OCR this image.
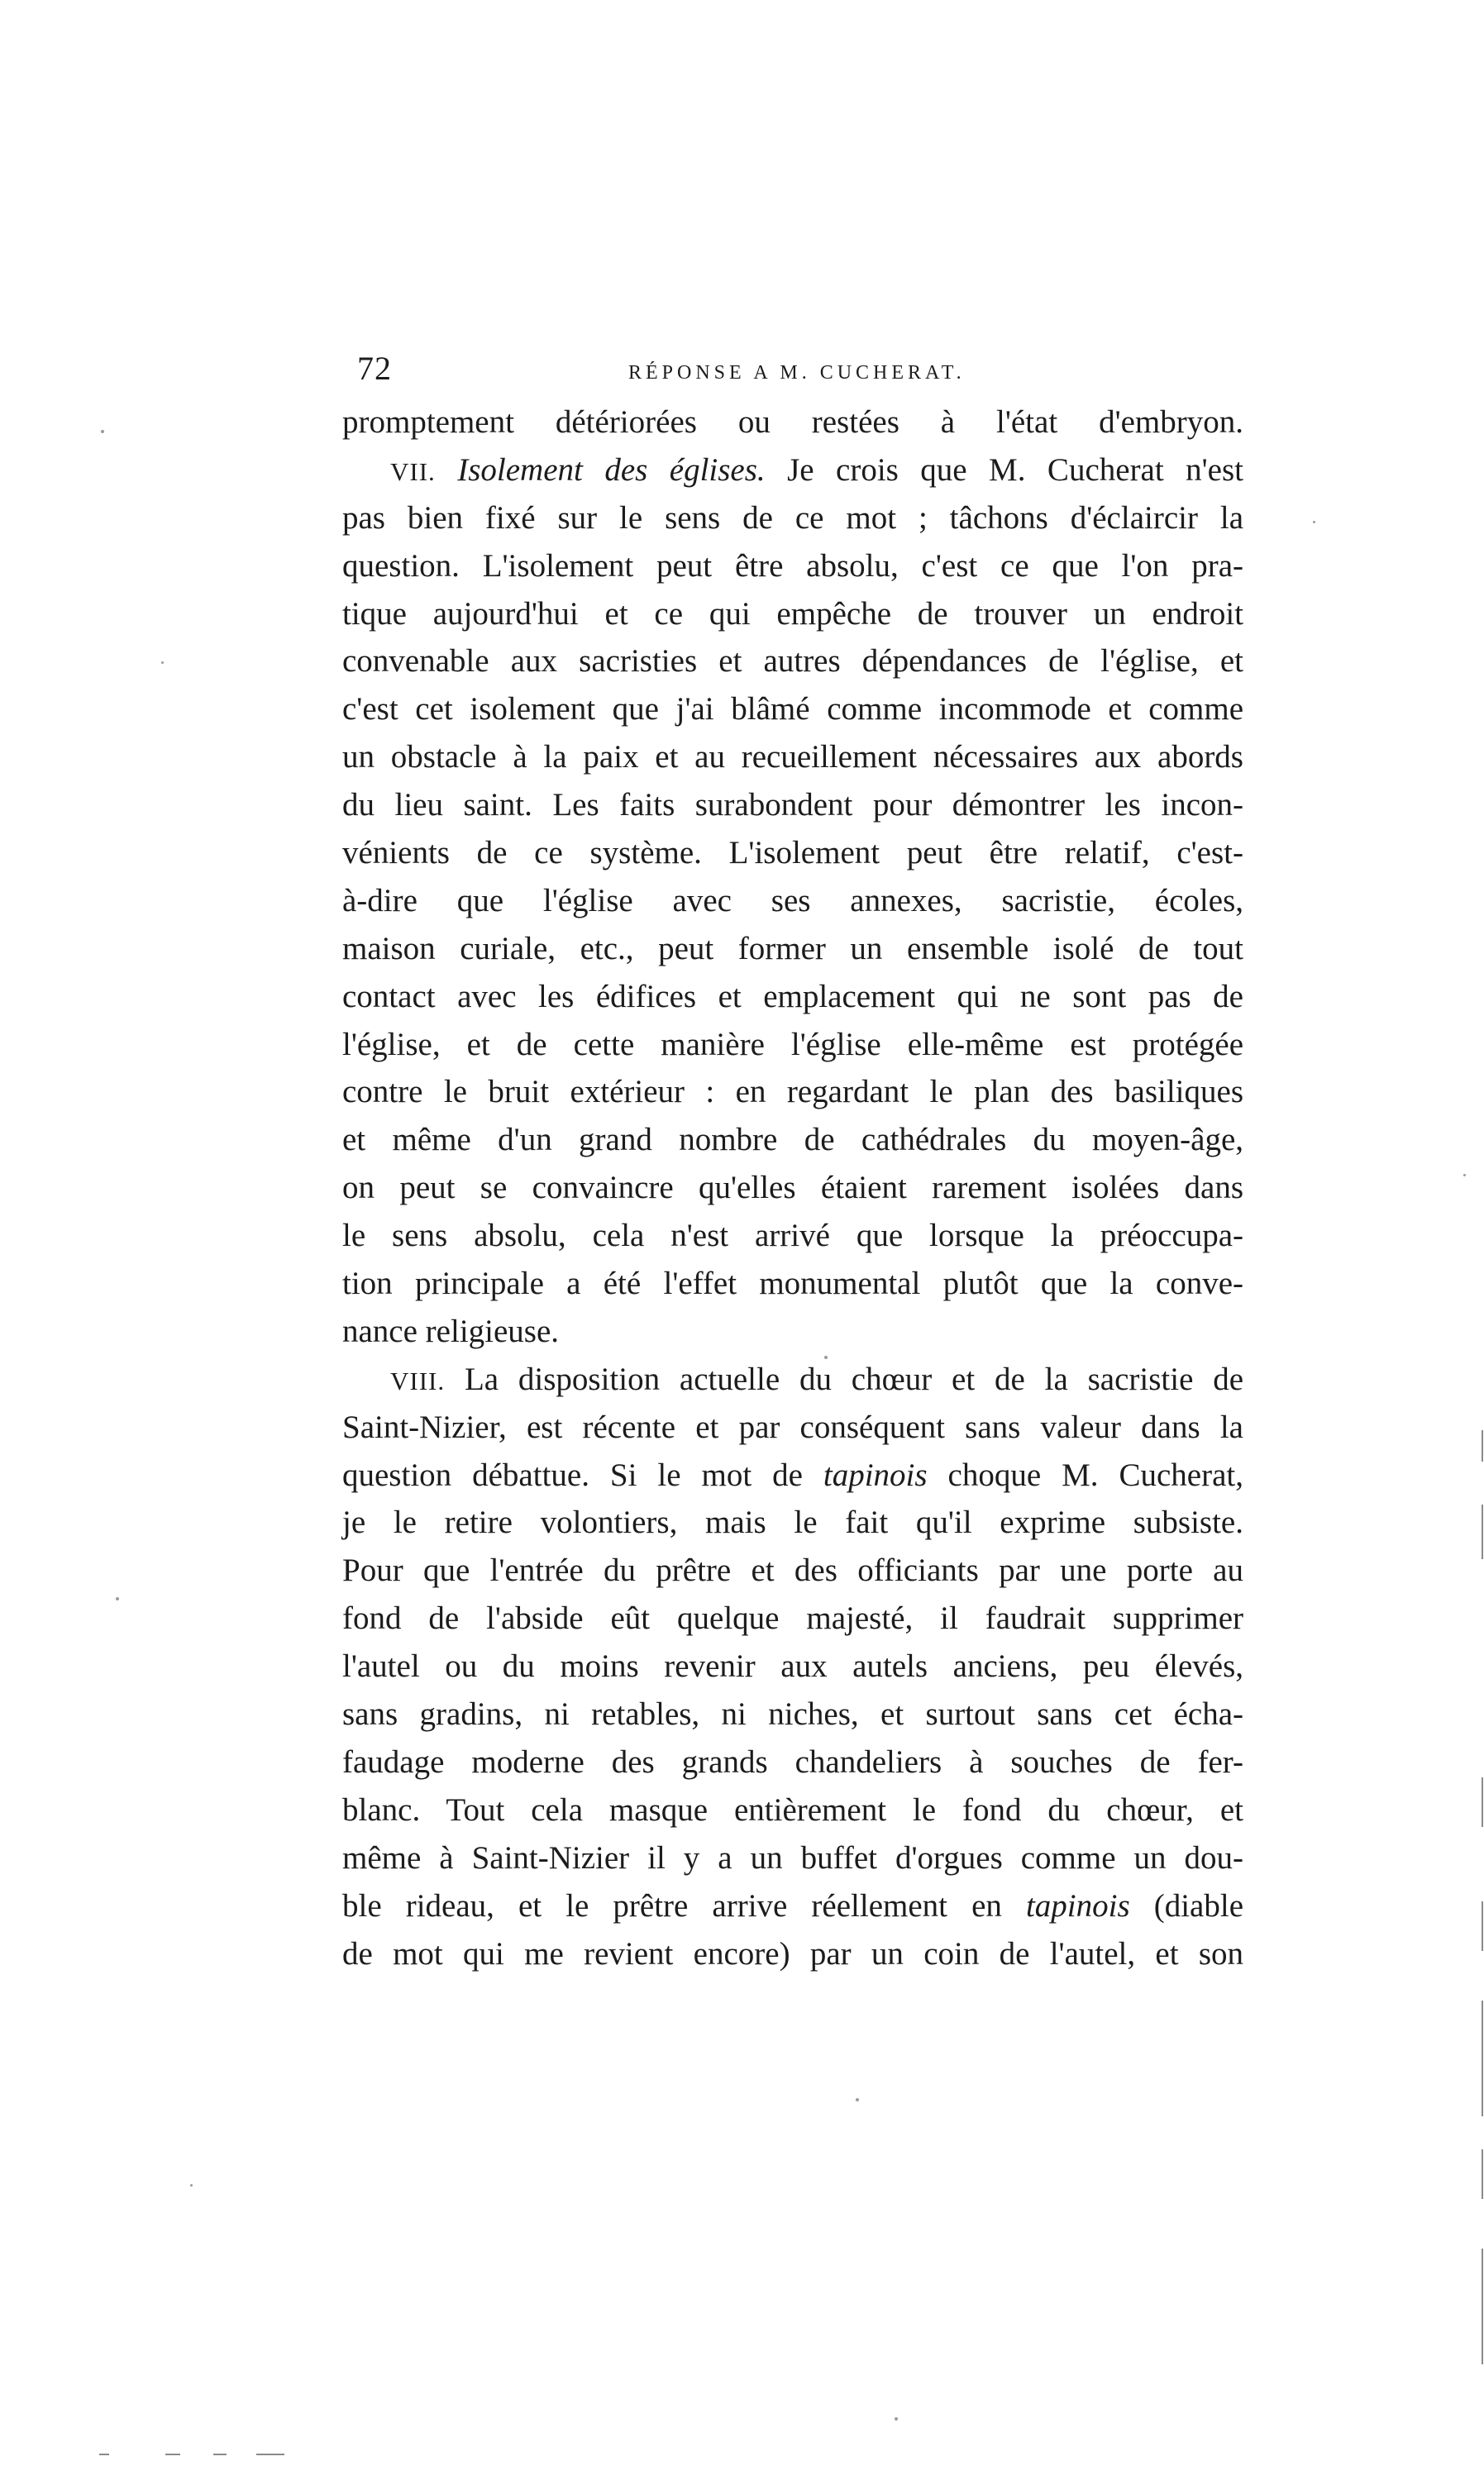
72	RÉPONSE A M. CUCHERAT.
promptement détériorées ou restées à l'état d'embryon.
VII. Isolement des églises. Je crois que M. Cucherat n'est
pas bien fixé sur le sens de ce mot ; tâchons d'éclaircir la
question. L'isolement peut être absolu, c'est ce que l'on pra-
tique aujourd'hui et ce qui empêche de trouver un endroit
convenable aux sacristies et autres dépendances de l'église, et
c'est cet isolement que j'ai blâmé comme incommode et comme
un obstacle à la paix et au recueillement nécessaires aux abords
du lieu saint. Les faits surabondent pour démontrer les incon-
vénients de ce système. L'isolement peut être relatif, c'est-
à-dire que l'église avec ses annexes, sacristie, écoles,
maison curiale, etc., peut former un ensemble isolé de tout
contact avec les édifices et emplacement qui ne sont pas de
l'église, et de cette manière l'église elle-même est protégée
contre le bruit extérieur : en regardant le plan des basiliques
et même d'un grand nombre de cathédrales du moyen-âge,
on peut se convaincre qu'elles étaient rarement isolées dans
le sens absolu, cela n'est arrivé que lorsque la préoccupa-
tion principale a été l'effet monumental plutôt que la conve-
nance religieuse.
VIII. La disposition actuelle du chœur et de la sacristie de
Saint-Nizier, est récente et par conséquent sans valeur dans la
question débattue. Si le mot de tapinois choque M. Cucherat,
je le retire volontiers, mais le fait qu'il exprime subsiste.
Pour que l'entrée du prêtre et des officiants par une porte au
fond de l'abside eût quelque majesté, il faudrait supprimer
l'autel ou du moins revenir aux autels anciens, peu élevés,
sans gradins, ni retables, ni niches, et surtout sans cet écha-
faudage moderne des grands chandeliers à souches de fer-
blanc. Tout cela masque entièrement le fond du chœur, et
même à Saint-Nizier il y a un buffet d'orgues comme un dou-
ble rideau, et le prêtre arrive réellement en tapinois (diable
de mot qui me revient encore) par un coin de l'autel, et son
